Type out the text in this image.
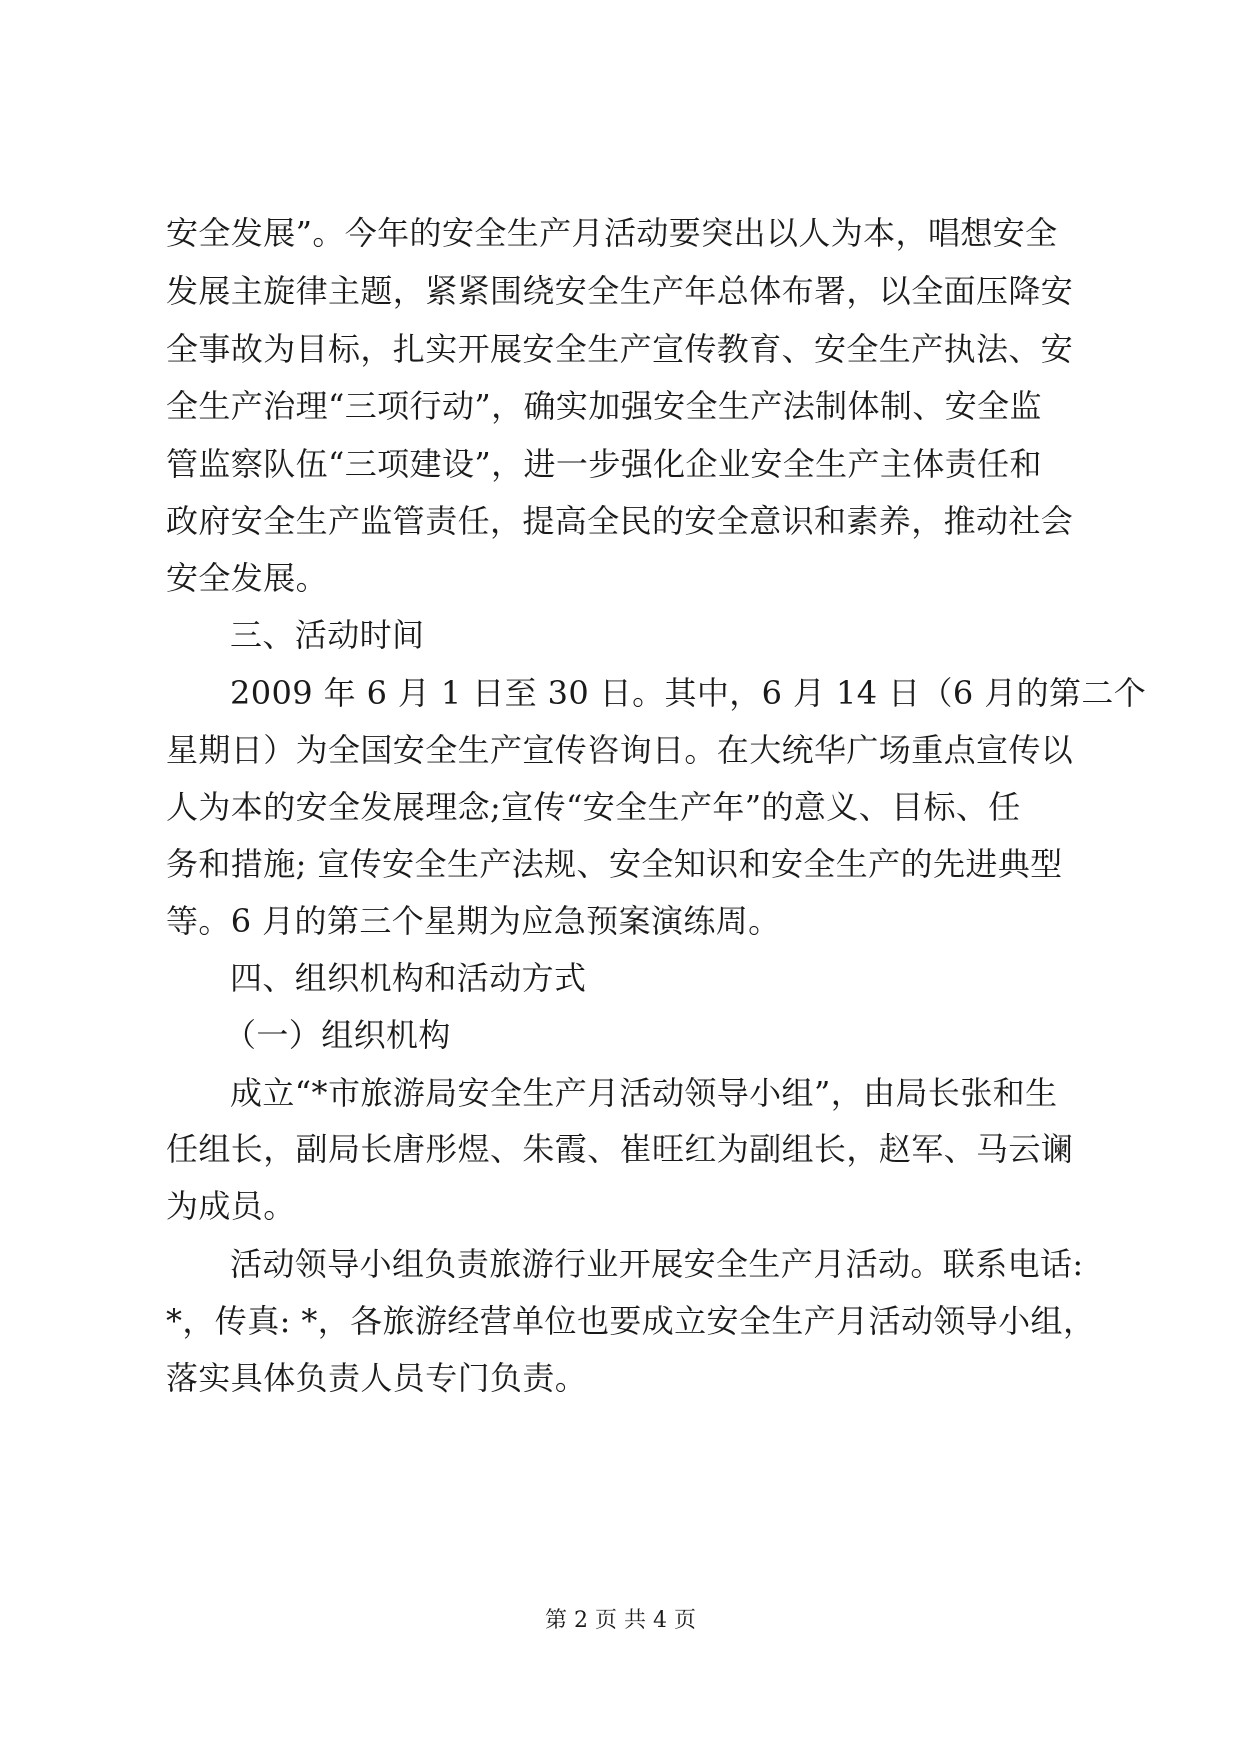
安全发展”。今年的安全生产月活动要突出以人为本，唱想安全
发展主旋律主题，紧紧围绕安全生产年总体布署，以全面压降安
全事故为目标，扎实开展安全生产宣传教育、安全生产执法、安
全生产治理“三项行动”，确实加强安全生产法制体制、安全监
管监察队伍“三项建设”，进一步强化企业安全生产主体责任和
政府安全生产监管责任，提高全民的安全意识和素养，推动社会
安全发展。
三、活动时间
2009 年 6 月 1 日至 30 日。其中，6 月 14 日（6 月的第二个
星期日）为全国安全生产宣传咨询日。在大统华广场重点宣传以
人为本的安全发展理念;宣传“安全生产年”的意义、目标、任
务和措施; 宣传安全生产法规、安全知识和安全生产的先进典型
等。6 月的第三个星期为应急预案演练周。
四、组织机构和活动方式
（一）组织机构
成立“*市旅游局安全生产月活动领导小组”，由局长张和生
任组长，副局长唐彤煜、朱霞、崔旺红为副组长，赵军、马云谰
为成员。
活动领导小组负责旅游行业开展安全生产月活动。联系电话:
*，传真: *，各旅游经营单位也要成立安全生产月活动领导小组，
落实具体负责人员专门负责。
第 2 页 共 4 页
